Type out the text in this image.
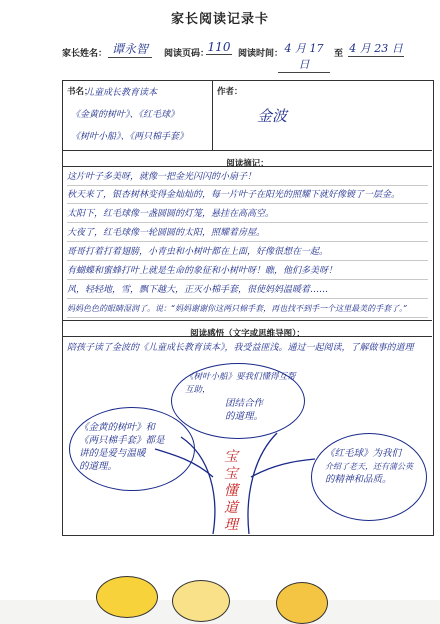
家长阅读记录卡
家长姓名： 谭永智	阅读页码：
110 阅读时间： 4 月 17 日
至 4 月 23 日
书名：
儿童成长教育读本
《金黄的树叶》、《红毛球》
《树叶小船》、《两只棉手套》
作者：
金波
阅读摘记：
这片叶子多美呀，就像一把金光闪闪的小扇子！
秋天来了，银杏树林变得金灿灿的，每一片叶子在阳光的照耀下就好像镀了一层金。
太阳下，红毛球像一盏圆圆的灯笼，悬挂在高高空。
大夜了，红毛球像一轮圆圆的太阳，照耀着房屋。
哥哥打着打着翅膀，小青虫和小树叶都在上面，好像很想在一起。
有蝴蝶和蜜蜂打叶上就是生命的象征和小树叶呀！瞧，他们多美呀！
风，轻轻地，雪，飘下越大，正灭小棉手套，很使妈妈温暖着……
妈妈色色的眼睛湿润了。说：“妈妈谢谢你这两只棉手套，再也找不到手一个这里最美的手套了。”
阅读感悟（文字或思维导图）：
陪孩子读了金波的《儿童成长教育读本》，我受益匪浅。通过一起阅读，了解做事的道理
《树叶小船》要我们懂得互帮互助，
团结合作
的道理。
《金黄的树叶》和
《两只棉手套》都是
讲的是爱与温暖
的道理。
《红毛球》为我们
介绍了老天，还有蒲公英
的精神和品质。
宝
宝
懂
道
理
